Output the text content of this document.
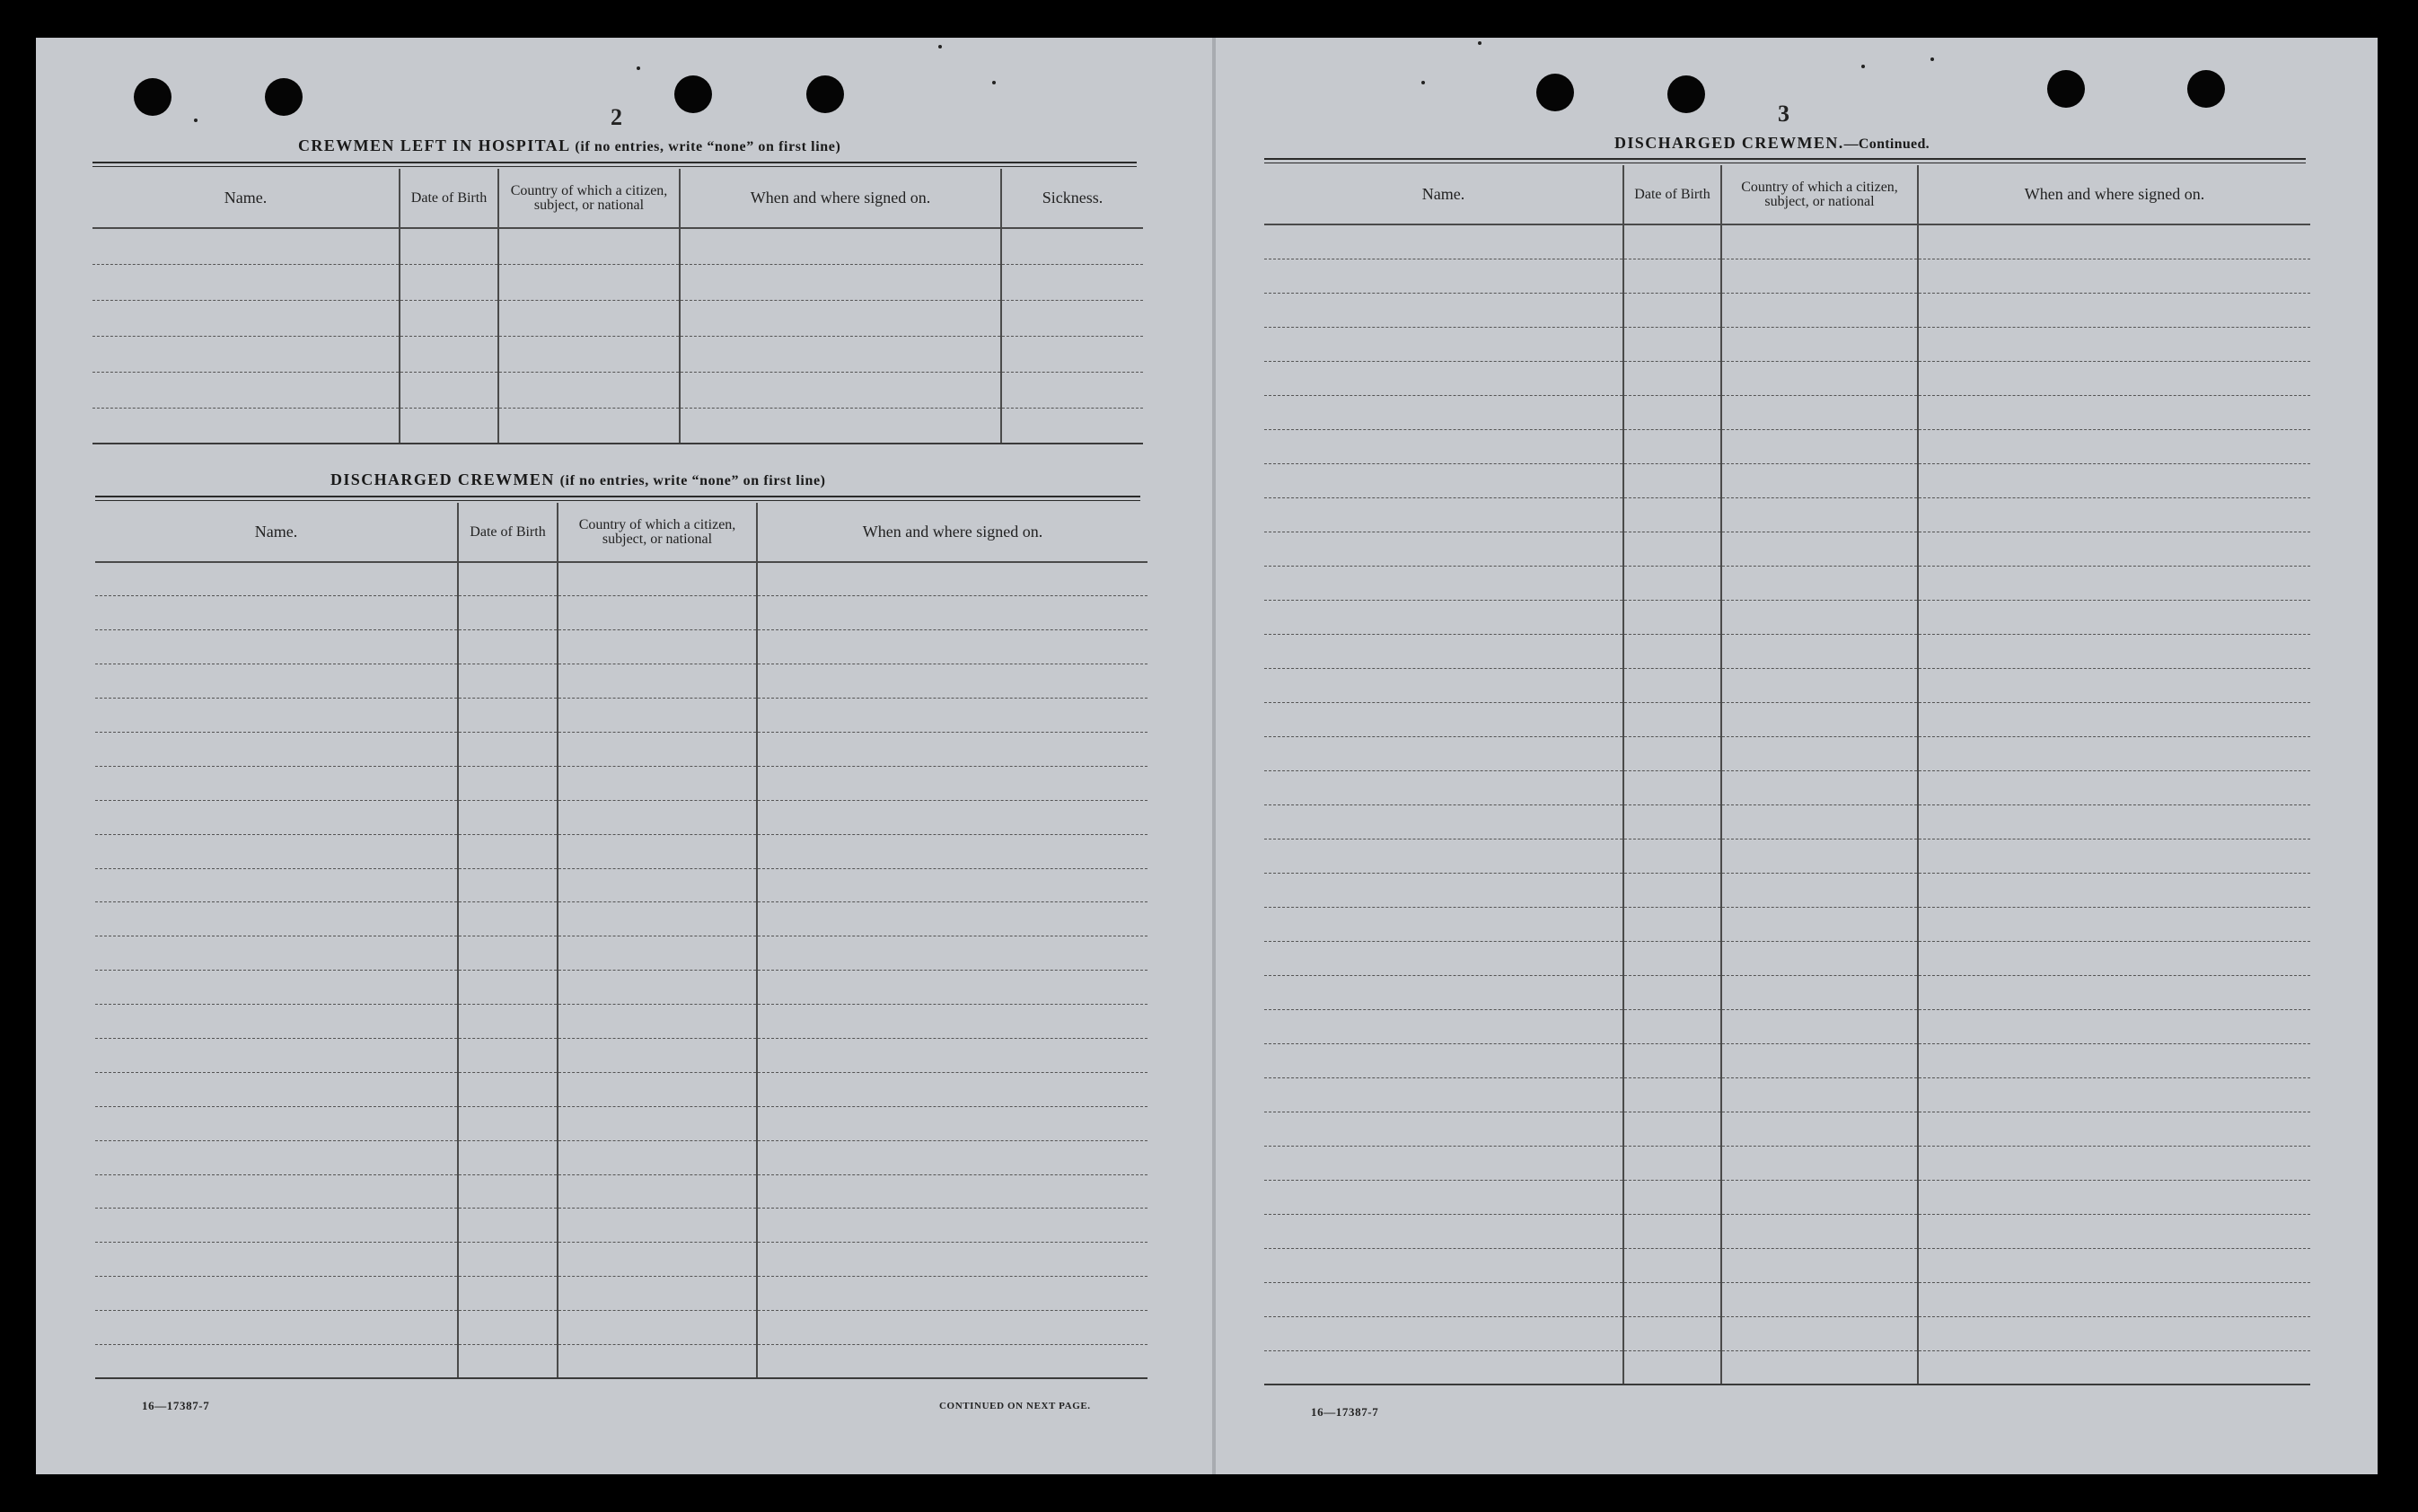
2
CREWMEN LEFT IN HOSPITAL (if no entries, write “none” on first line)
Name.	Date of Birth	Country of which a citizen, subject, or national	When and where signed on.	Sickness.

DISCHARGED CREWMEN (if no entries, write “none” on first line)
Name.	Date of Birth	Country of which a citizen, subject, or national	When and where signed on.

16—17387-7	CONTINUED ON NEXT PAGE.
3
DISCHARGED CREWMEN.—Continued.
Name.	Date of Birth	Country of which a citizen, subject, or national	When and where signed on.

16—17387-7
